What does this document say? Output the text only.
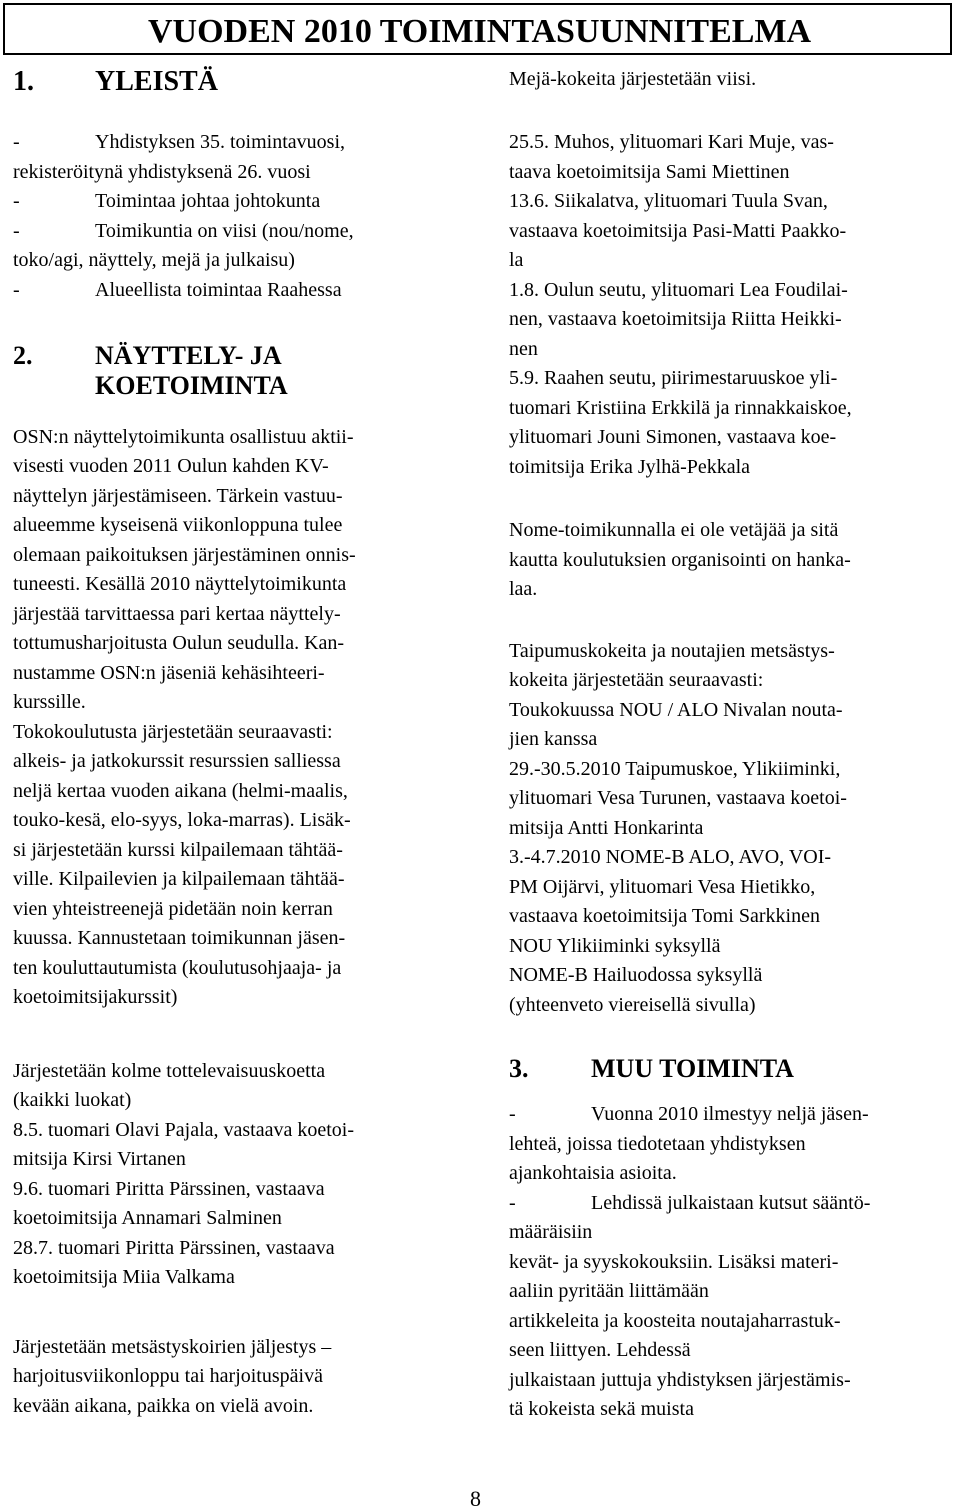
VUODEN 2010 TOIMINTASUUNNITELMA
1. YLEISTÄ	Mejä-kokeita järjestetään viisi.
-	Yhdistyksen 35. toimintavuosi,
rekisteröitynä yhdistyksenä 26. vuosi
-	Toimintaa johtaa johtokunta
-	Toimikuntia on viisi (nou/nome,
toko/agi, näyttely, mejä ja julkaisu)
-	Alueellista toimintaa Raahessa
2. NÄYTTELY- JA
KOETOIMINTA
OSN:n näyttelytoimikunta osallistuu aktii-
visesti vuoden 2011 Oulun kahden KV-
näyttelyn järjestämiseen. Tärkein vastuu-
alueemme kyseisenä viikonloppuna tulee
olemaan paikoituksen järjestäminen onnis-
tuneesti. Kesällä 2010 näyttelytoimikunta
järjestää tarvittaessa pari kertaa näyttely-
tottumusharjoitusta Oulun seudulla. Kan-
nustamme OSN:n jäseniä kehäsihteeri-
kurssille.
Tokokoulutusta järjestetään seuraavasti:
alkeis- ja jatkokurssit resurssien salliessa
neljä kertaa vuoden aikana (helmi-maalis,
touko-kesä, elo-syys, loka-marras). Lisäk-
si järjestetään kurssi kilpailemaan tähtää-
ville. Kilpailevien ja kilpailemaan tähtää-
vien yhteistreenejä pidetään noin kerran
kuussa. Kannustetaan toimikunnan jäsen-
ten kouluttautumista (koulutusohjaaja- ja
koetoimitsijakurssit)
Järjestetään kolme tottelevaisuuskoetta
(kaikki luokat)
8.5. tuomari Olavi Pajala, vastaava koetoi-
mitsija Kirsi Virtanen
9.6. tuomari Piritta Pärssinen, vastaava
koetoimitsija Annamari Salminen
28.7. tuomari Piritta Pärssinen, vastaava
koetoimitsija Miia Valkama
Järjestetään metsästyskoirien jäljestys –
harjoitusviikonloppu tai harjoituspäivä
kevään aikana, paikka on vielä avoin.
25.5. Muhos, ylituomari Kari Muje, vas-
taava koetoimitsija Sami Miettinen
13.6. Siikalatva, ylituomari Tuula Svan,
vastaava koetoimitsija Pasi-Matti Paakko-
la
1.8. Oulun seutu, ylituomari Lea Foudilai-
nen, vastaava koetoimitsija Riitta Heikki-
nen
5.9. Raahen seutu, piirimestaruuskoe yli-
tuomari Kristiina Erkkilä ja rinnakkaiskoe,
ylituomari Jouni Simonen, vastaava koe-
toimitsija Erika Jylhä-Pekkala
Nome-toimikunnalla ei ole vetäjää ja sitä
kautta koulutuksien organisointi on hanka-
laa.
Taipumuskokeita ja noutajien metsästys-
kokeita järjestetään seuraavasti:
Toukokuussa NOU / ALO Nivalan nouta-
jien kanssa
29.-30.5.2010 Taipumuskoe, Ylikiiminki,
ylituomari Vesa Turunen, vastaava koetoi-
mitsija Antti Honkarinta
3.-4.7.2010 NOME-B ALO, AVO, VOI-
PM Oijärvi, ylituomari Vesa Hietikko,
vastaava koetoimitsija Tomi Sarkkinen
NOU Ylikiiminki syksyllä
NOME-B Hailuodossa syksyllä
(yhteenveto viereisellä sivulla)
3. MUU TOIMINTA
-	Vuonna 2010 ilmestyy neljä jäsen-
lehteä, joissa tiedotetaan yhdistyksen
ajankohtaisia asioita.
-	Lehdissä julkaistaan kutsut sääntö-
määräisiin
kevät- ja syyskokouksiin. Lisäksi materi-
aaliin pyritään liittämään
artikkeleita ja koosteita noutajaharrastuk-
seen liittyen. Lehdessä
julkaistaan juttuja yhdistyksen järjestämis-
tä kokeista sekä muista
8
